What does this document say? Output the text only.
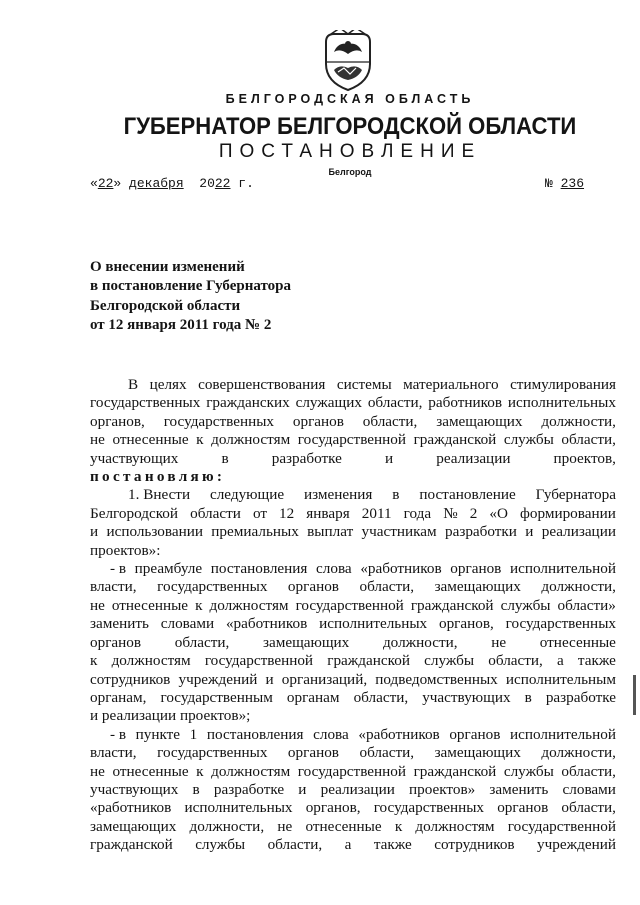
БЕЛГОРОДСКАЯ ОБЛАСТЬ
ГУБЕРНАТОР БЕЛГОРОДСКОЙ ОБЛАСТИ
ПОСТАНОВЛЕНИЕ
Белгород
«22» декабря 2022 г.	№ 236
О внесении изменений
в постановление Губернатора
Белгородской области
от 12 января 2011 года № 2
В целях совершенствования системы материального стимулирования
государственных гражданских служащих области, работников исполнительных
органов, государственных органов области, замещающих должности,
не отнесенные к должностям государственной гражданской службы области,
участвующих	в	разработке	и	реализации	проектов,
постановляю:
1. Внести следующие изменения в постановление Губернатора
Белгородской области от 12 января 2011 года № 2 «О формировании
и использовании премиальных выплат участникам разработки и реализации
проектов»:
- в преамбуле постановления слова «работников органов исполнительной
власти, государственных органов области, замещающих должности,
не отнесенные к должностям государственной гражданской службы области»
заменить словами «работников исполнительных органов, государственных
органов области, замещающих должности, не отнесенные
к должностям государственной гражданской службы области, а также
сотрудников учреждений и организаций, подведомственных исполнительным
органам, государственным органам области, участвующих в разработке
и реализации проектов»;
- в пункте 1 постановления слова «работников органов исполнительной
власти, государственных органов области, замещающих должности,
не отнесенные к должностям государственной гражданской службы области,
участвующих в разработке и реализации проектов» заменить словами
«работников исполнительных органов, государственных органов области,
замещающих должности, не отнесенные к должностям государственной
гражданской службы области, а также сотрудников учреждений
